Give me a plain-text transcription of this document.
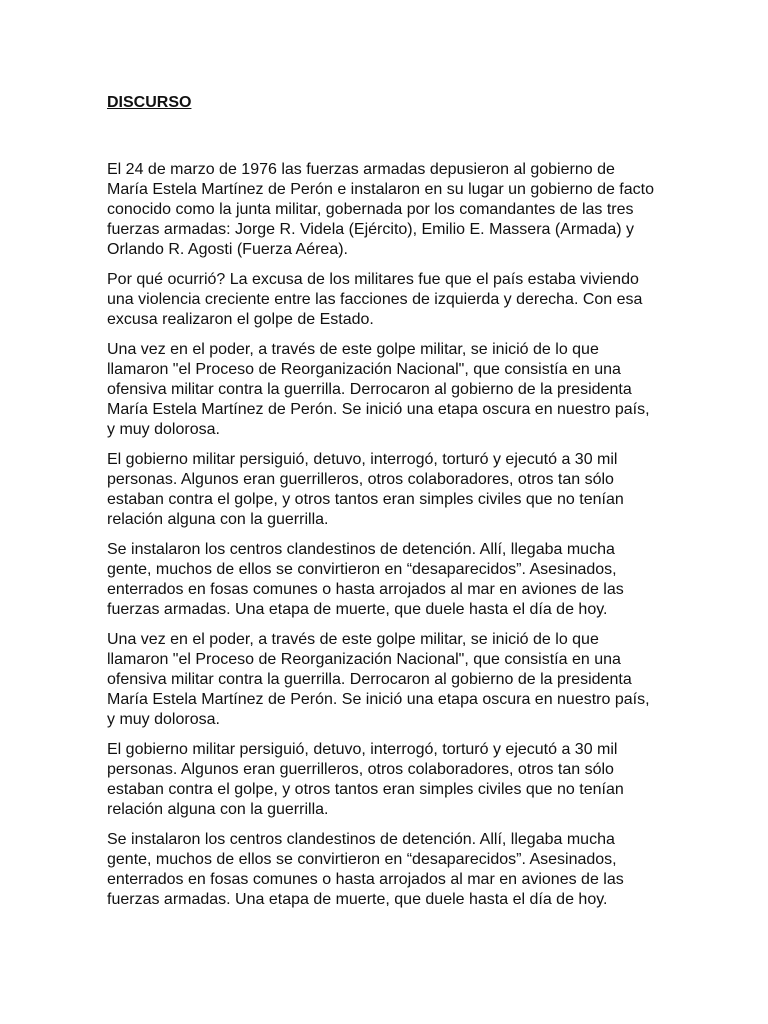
DISCURSO

El 24 de marzo de 1976 las fuerzas armadas depusieron al gobierno de María Estela Martínez de Perón e instalaron en su lugar un gobierno de facto conocido como la junta militar, gobernada por los comandantes de las tres fuerzas armadas: Jorge R. Videla (Ejército), Emilio E. Massera (Armada) y Orlando R. Agosti (Fuerza Aérea).

Por qué ocurrió? La excusa de los militares fue que el país estaba viviendo una violencia creciente entre las facciones de izquierda y derecha. Con esa excusa realizaron el golpe de Estado.

Una vez en el poder, a través de este golpe militar, se inició de lo que llamaron "el Proceso de Reorganización Nacional", que consistía en una ofensiva militar contra la guerrilla. Derrocaron al gobierno de la presidenta María Estela Martínez de Perón. Se inició una etapa oscura en nuestro país, y muy dolorosa.

El gobierno militar persiguió, detuvo, interrogó, torturó y ejecutó a 30 mil personas. Algunos eran guerrilleros, otros colaboradores, otros tan sólo estaban contra el golpe, y otros tantos eran simples civiles que no tenían relación alguna con la guerrilla.

Se instalaron los centros clandestinos de detención. Allí, llegaba mucha gente, muchos de ellos se convirtieron en “desaparecidos”. Asesinados, enterrados en fosas comunes o hasta arrojados al mar en aviones de las fuerzas armadas. Una etapa de muerte, que duele hasta el día de hoy.

Una vez en el poder, a través de este golpe militar, se inició de lo que llamaron "el Proceso de Reorganización Nacional", que consistía en una ofensiva militar contra la guerrilla. Derrocaron al gobierno de la presidenta María Estela Martínez de Perón. Se inició una etapa oscura en nuestro país, y muy dolorosa.

El gobierno militar persiguió, detuvo, interrogó, torturó y ejecutó a 30 mil personas. Algunos eran guerrilleros, otros colaboradores, otros tan sólo estaban contra el golpe, y otros tantos eran simples civiles que no tenían relación alguna con la guerrilla.

Se instalaron los centros clandestinos de detención. Allí, llegaba mucha gente, muchos de ellos se convirtieron en “desaparecidos”. Asesinados, enterrados en fosas comunes o hasta arrojados al mar en aviones de las fuerzas armadas. Una etapa de muerte, que duele hasta el día de hoy.
